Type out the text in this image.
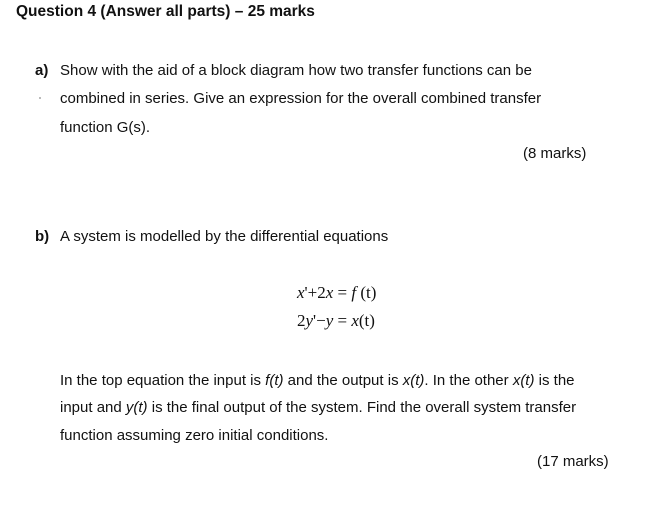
Question 4 (Answer all parts) – 25 marks
a) Show with the aid of a block diagram how two transfer functions can be
combined in series. Give an expression for the overall combined transfer
function G(s).
(8 marks)
b) A system is modelled by the differential equations
x'+2x = f (t)
2y'−y = x(t)
In the top equation the input is f(t) and the output is x(t). In the other x(t) is the
input and y(t) is the final output of the system. Find the overall system transfer
function assuming zero initial conditions.
(17 marks)
